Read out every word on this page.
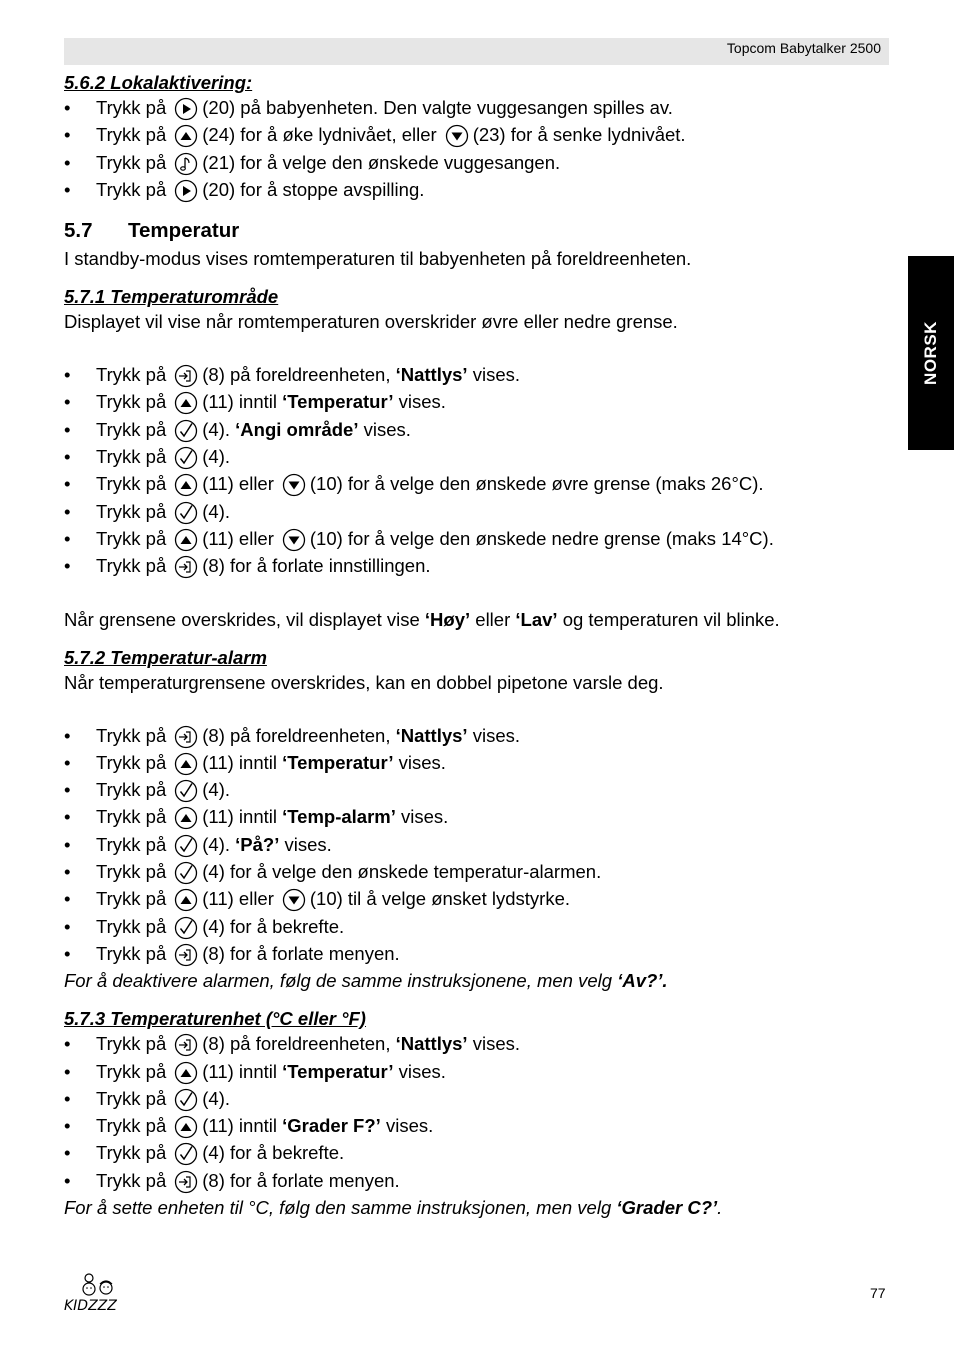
Topcom Babytalker 2500
NORSK
5.6.2 Lokalaktivering:
• Trykk på (20) på babyenheten. Den valgte vuggesangen spilles av.
• Trykk på (24) for å øke lydnivået, eller (23) for å senke lydnivået.
• Trykk på (21) for å velge den ønskede vuggesangen.
• Trykk på (20) for å stoppe avspilling.
5.7 Temperatur

I standby-modus vises romtemperaturen til babyenheten på foreldreenheten.

5.7.1 Temperaturområde

Displayet vil vise når romtemperaturen overskrider øvre eller nedre grense.

• Trykk på (8) på foreldreenheten, ‘Nattlys’ vises.
• Trykk på (11) inntil ‘Temperatur’ vises.
• Trykk på (4). ‘Angi område’ vises.
• Trykk på (4).
• Trykk på (11) eller (10) for å velge den ønskede øvre grense (maks 26°C).
• Trykk på (4).
• Trykk på (11) eller (10) for å velge den ønskede nedre grense (maks 14°C).
• Trykk på (8) for å forlate innstillingen.

Når grensene overskrides, vil displayet vise ‘Høy’ eller ‘Lav’ og temperaturen vil blinke.

5.7.2 Temperatur-alarm

Når temperaturgrensene overskrides, kan en dobbel pipetone varsle deg.

• Trykk på (8) på foreldreenheten, ‘Nattlys’ vises.
• Trykk på (11) inntil ‘Temperatur’ vises.
• Trykk på (4).
• Trykk på (11) inntil ‘Temp-alarm’ vises.
• Trykk på (4). ‘På?’ vises.
• Trykk på (4) for å velge den ønskede temperatur-alarmen.
• Trykk på (11) eller (10) til å velge ønsket lydstyrke.
• Trykk på (4) for å bekrefte.
• Trykk på (8) for å forlate menyen.

For å deaktivere alarmen, følg de samme instruksjonene, men velg ‘Av?’.

5.7.3 Temperaturenhet (°C eller °F)
• Trykk på (8) på foreldreenheten, ‘Nattlys’ vises.
• Trykk på (11) inntil ‘Temperatur’ vises.
• Trykk på (4).
• Trykk på (11) inntil ‘Grader F?’ vises.
• Trykk på (4) for å bekrefte.
• Trykk på (8) for å forlate menyen.

For å sette enheten til °C, følg den samme instruksjonen, men velg ‘Grader C?’.

KIDZZZ
77
